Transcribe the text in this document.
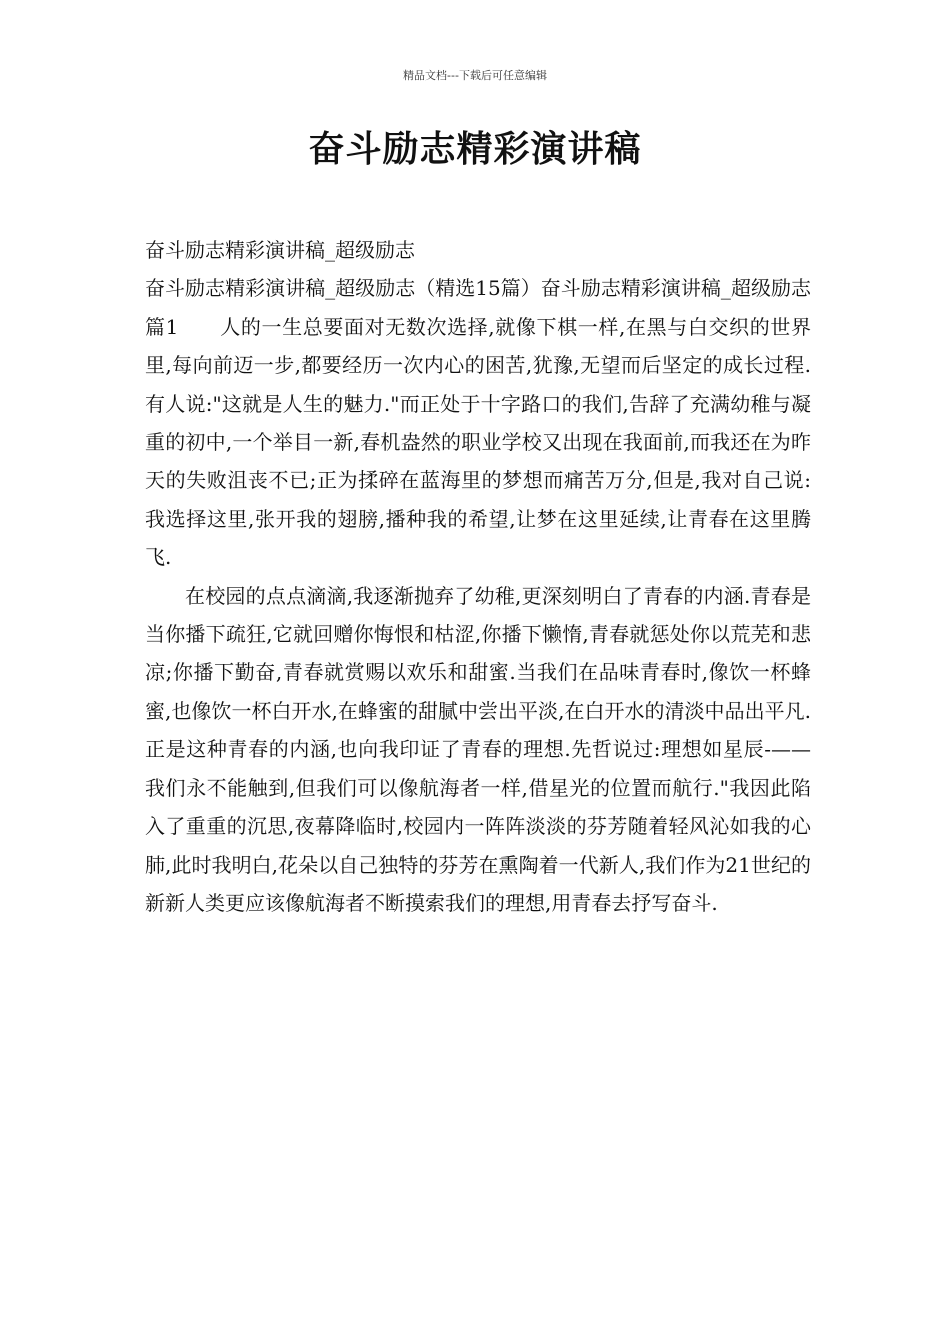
精品文档---下载后可任意编辑
奋斗励志精彩演讲稿

奋斗励志精彩演讲稿_超级励志

奋斗励志精彩演讲稿_超级励志（精选15篇）奋斗励志精彩演讲稿_超级励志 篇1　　人的一生总要面对无数次选择,就像下棋一样,在黑与白交织的世界里,每向前迈一步,都要经历一次内心的困苦,犹豫,无望而后坚定的成长过程.有人说:"这就是人生的魅力."而正处于十字路口的我们,告辞了充满幼稚与凝重的初中,一个举目一新,春机盎然的职业学校又出现在我面前,而我还在为昨天的失败沮丧不已;正为揉碎在蓝海里的梦想而痛苦万分,但是,我对自己说:我选择这里,张开我的翅膀,播种我的希望,让梦在这里延续,让青春在这里腾飞.

在校园的点点滴滴,我逐渐抛弃了幼稚,更深刻明白了青春的内涵.青春是当你播下疏狂,它就回赠你悔恨和枯涩,你播下懒惰,青春就惩处你以荒芜和悲凉;你播下勤奋,青春就赏赐以欢乐和甜蜜.当我们在品味青春时,像饮一杯蜂蜜,也像饮一杯白开水,在蜂蜜的甜腻中尝出平淡,在白开水的清淡中品出平凡.正是这种青春的内涵,也向我印证了青春的理想.先哲说过:理想如星辰-——我们永不能触到,但我们可以像航海者一样,借星光的位置而航行."我因此陷入了重重的沉思,夜幕降临时,校园内一阵阵淡淡的芬芳随着轻风沁如我的心肺,此时我明白,花朵以自己独特的芬芳在熏陶着一代新人,我们作为21世纪的新新人类更应该像航海者不断摸索我们的理想,用青春去抒写奋斗.
